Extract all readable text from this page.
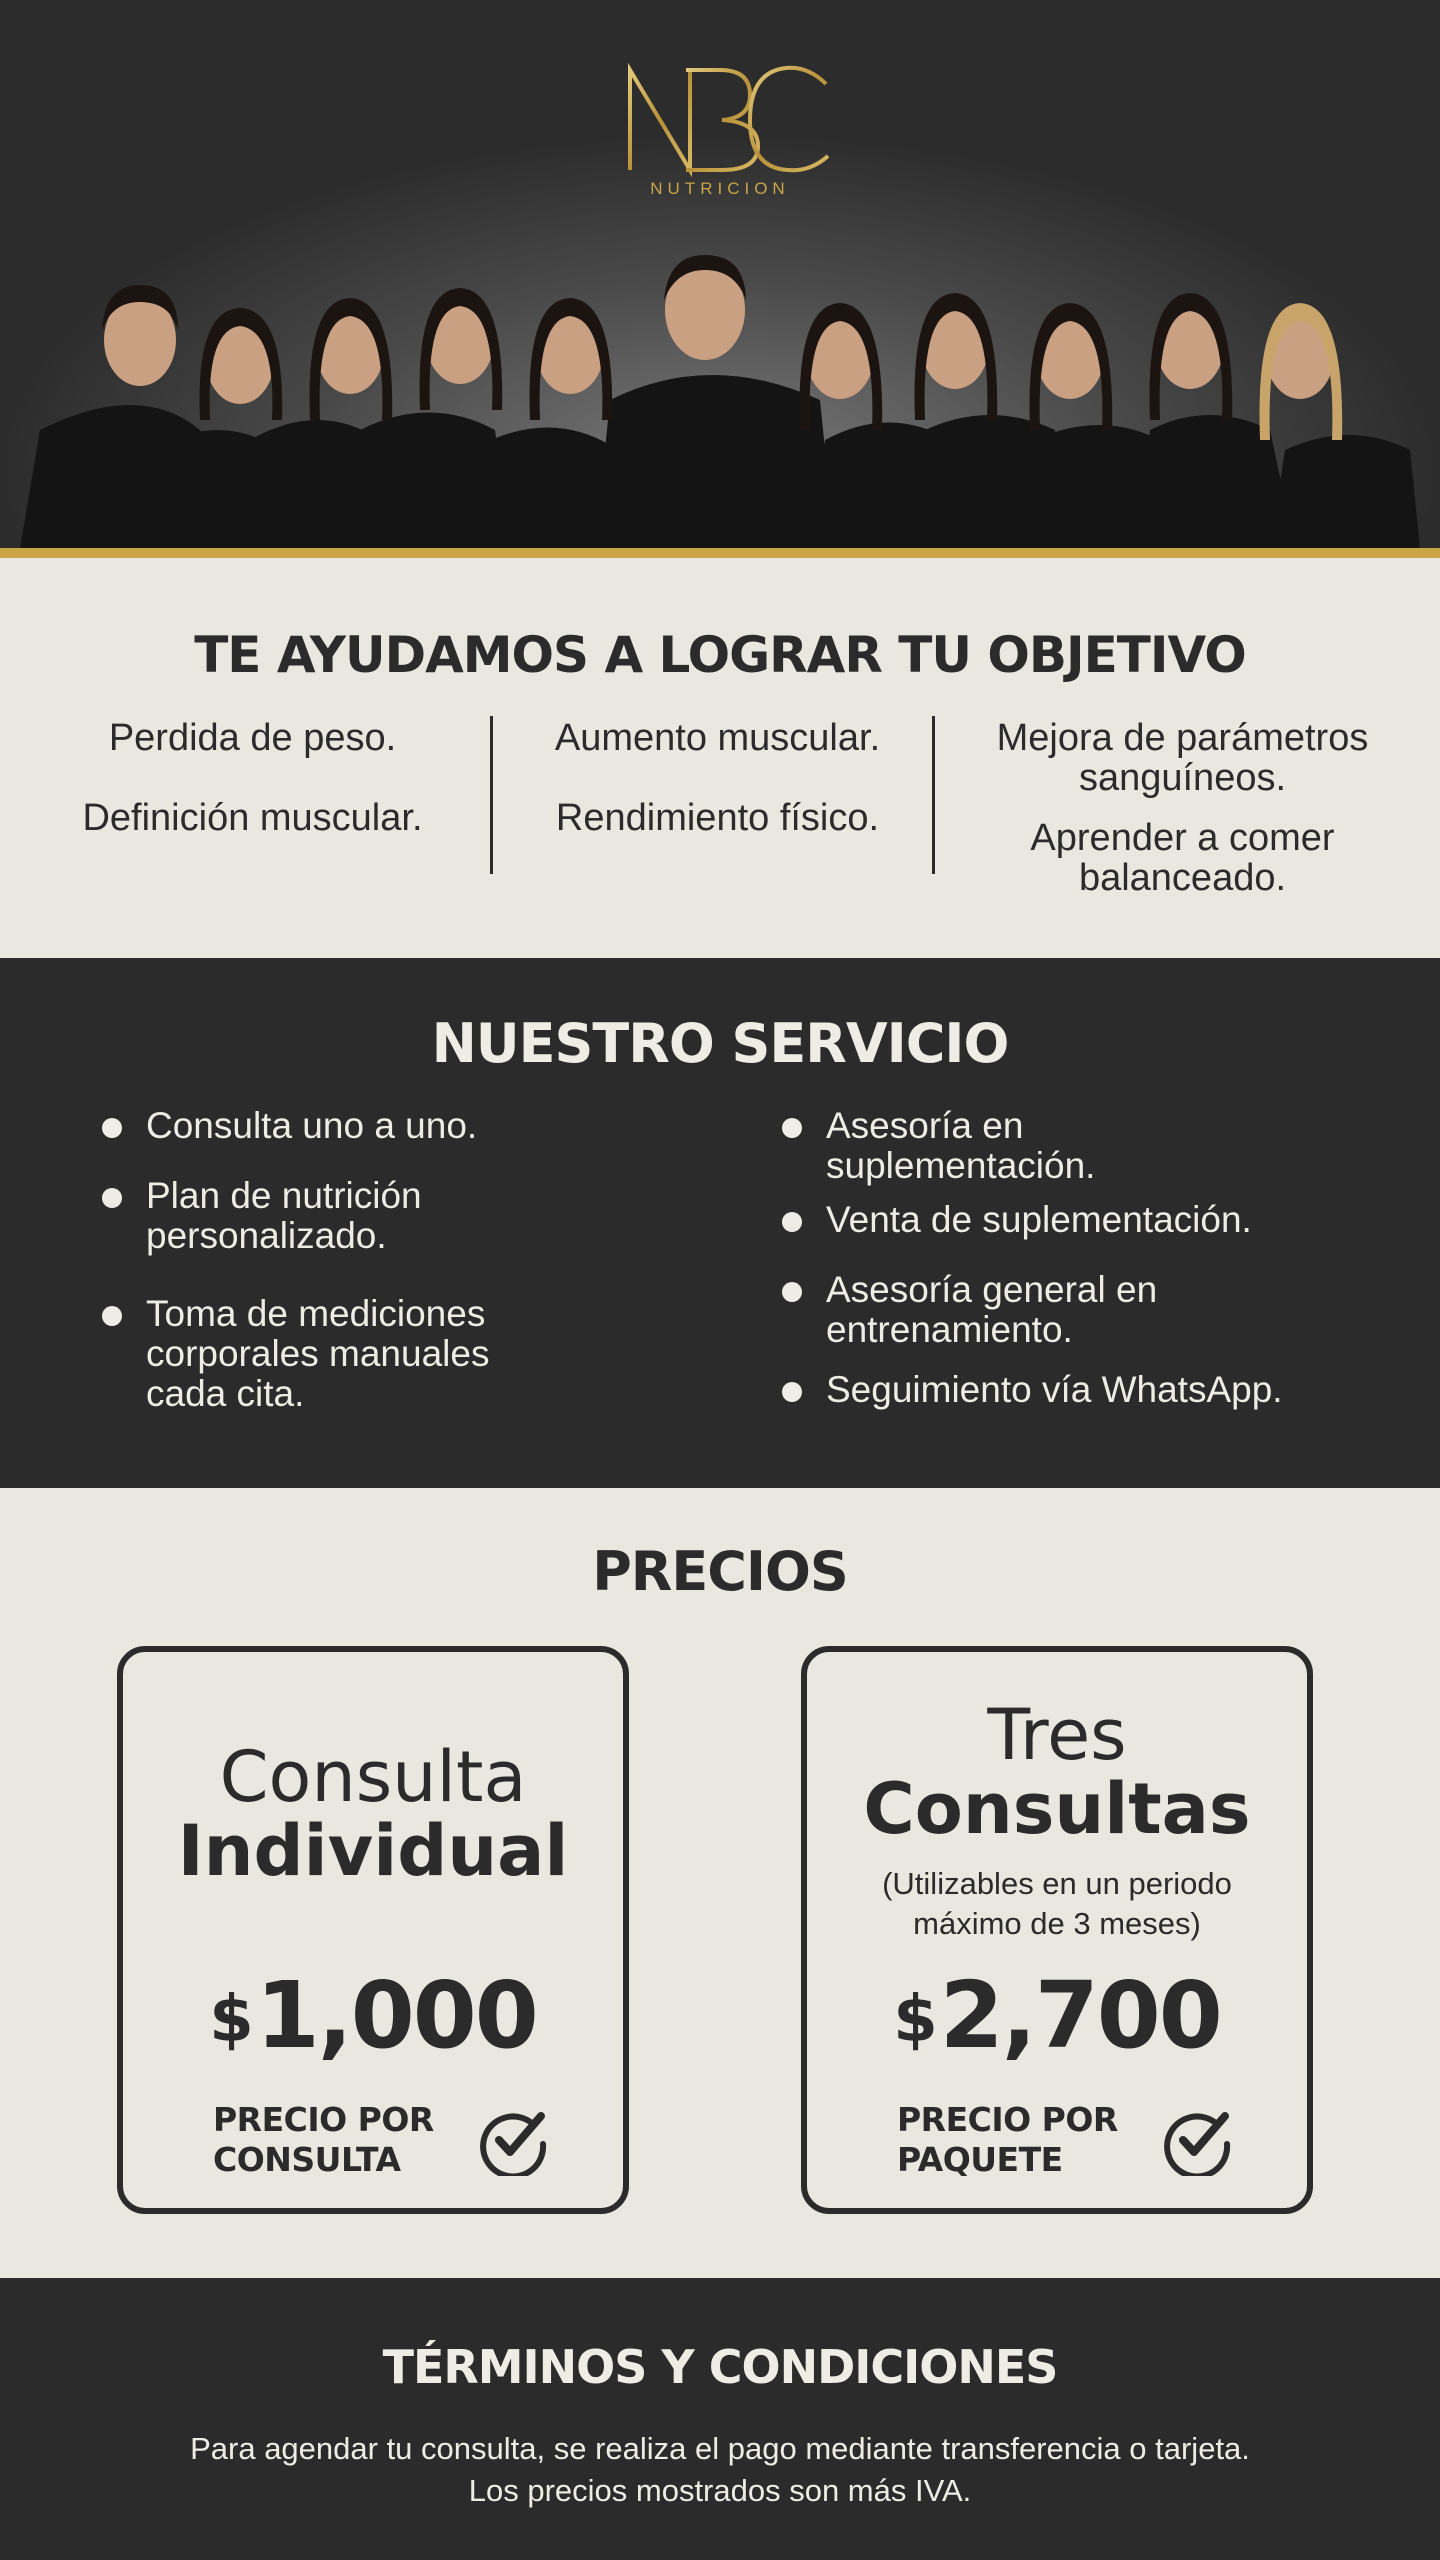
NUTRICION
TE AYUDAMOS A LOGRAR TU OBJETIVO
Perdida de peso.
Definición muscular.
Aumento muscular.
Rendimiento físico.
Mejora de parámetros sanguíneos.
Aprender a comer balanceado.
NUESTRO SERVICIO
Consulta uno a uno.
Plan de nutrición personalizado.
Toma de mediciones corporales manuales cada cita.
Asesoría en suplementación.
Venta de suplementación.
Asesoría general en entrenamiento.
Seguimiento vía WhatsApp.
PRECIOS
Consulta
Individual
$1,000
PRECIO POR
CONSULTA
Tres
Consultas
(Utilizables en un periodo máximo de 3 meses)
$2,700
PRECIO POR
PAQUETE
TÉRMINOS Y CONDICIONES
Para agendar tu consulta, se realiza el pago mediante transferencia o tarjeta.
Los precios mostrados son más IVA.
